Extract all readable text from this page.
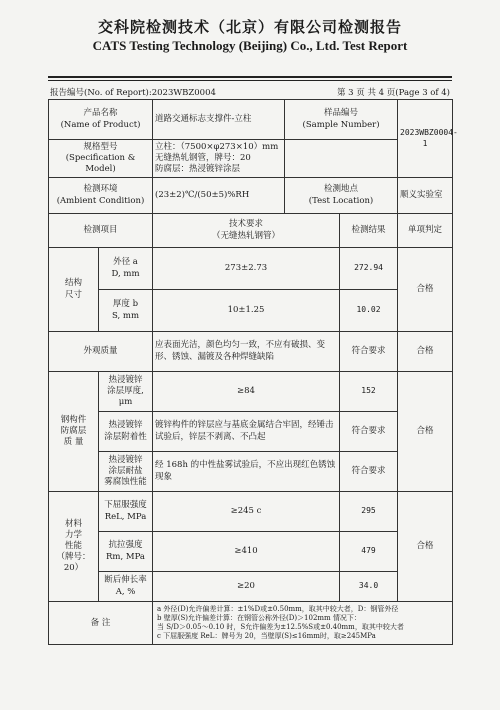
交科院检测技术（北京）有限公司检测报告
CATS Testing Technology (Beijing) Co., Ltd. Test Report
报告编号(No. of Report):2023WBZ0004	第 3 页 共 4 页(Page 3 of 4)
产品名称
(Name of Product)		道路交通标志支撑件-立柱	样品编号
(Sample Number)		2023WBZ0004-1
规格型号
(Specification & Model)		立柱：（7500×φ273×10）mm
无缝热轧钢管，牌号：20
防腐层：热浸镀锌涂层			
检测环境
(Ambient Condition)		(23±2)℃/(50±5)%RH	检测地点
(Test Location)		顺义实验室
检测项目		技术要求
（无缝热轧钢管）		检测结果	单项判定
结构
尺寸	外径 a
D, mm	273±2.73		272.94	合格
	厚度 b
S, mm	10±1.25		10.02	
外观质量		应表面光洁，颜色均匀一致，不应有破损、变形、锈蚀、漏镀及各种焊缝缺陷		符合要求	合格
钢构件
防腐层
质 量	热浸镀锌
涂层厚度,
μm	≥84		152	合格
	热浸镀锌
涂层附着性	镀锌构件的锌层应与基底金属结合牢固，经锤击试验后，锌层不剥离、不凸起		符合要求	
	热浸镀锌
涂层耐盐
雾腐蚀性能	经 168h 的中性盐雾试验后，不应出现红色锈蚀现象		符合要求	
材料
力学
性能
（牌号：20）	下屈服强度
ReL, MPa	≥245 c		295	合格
	抗拉强度
Rm, MPa	≥410		479	
	断后伸长率
A, %	≥20		34.0	
备 注		a 外径(D)允许偏差计算：±1%D或±0.50mm，取其中较大者，D：钢管外径
b 壁厚(S)允许偏差计算：在钢管公称外径(D)＞102mm 情况下：
当 S/D＞0.05～0.10 时，S允许偏差为±12.5%S或±0.40mm，取其中较大者
c 下屈服强度 ReL：牌号为 20，当壁厚(S)≤16mm时，取≥245MPa			
